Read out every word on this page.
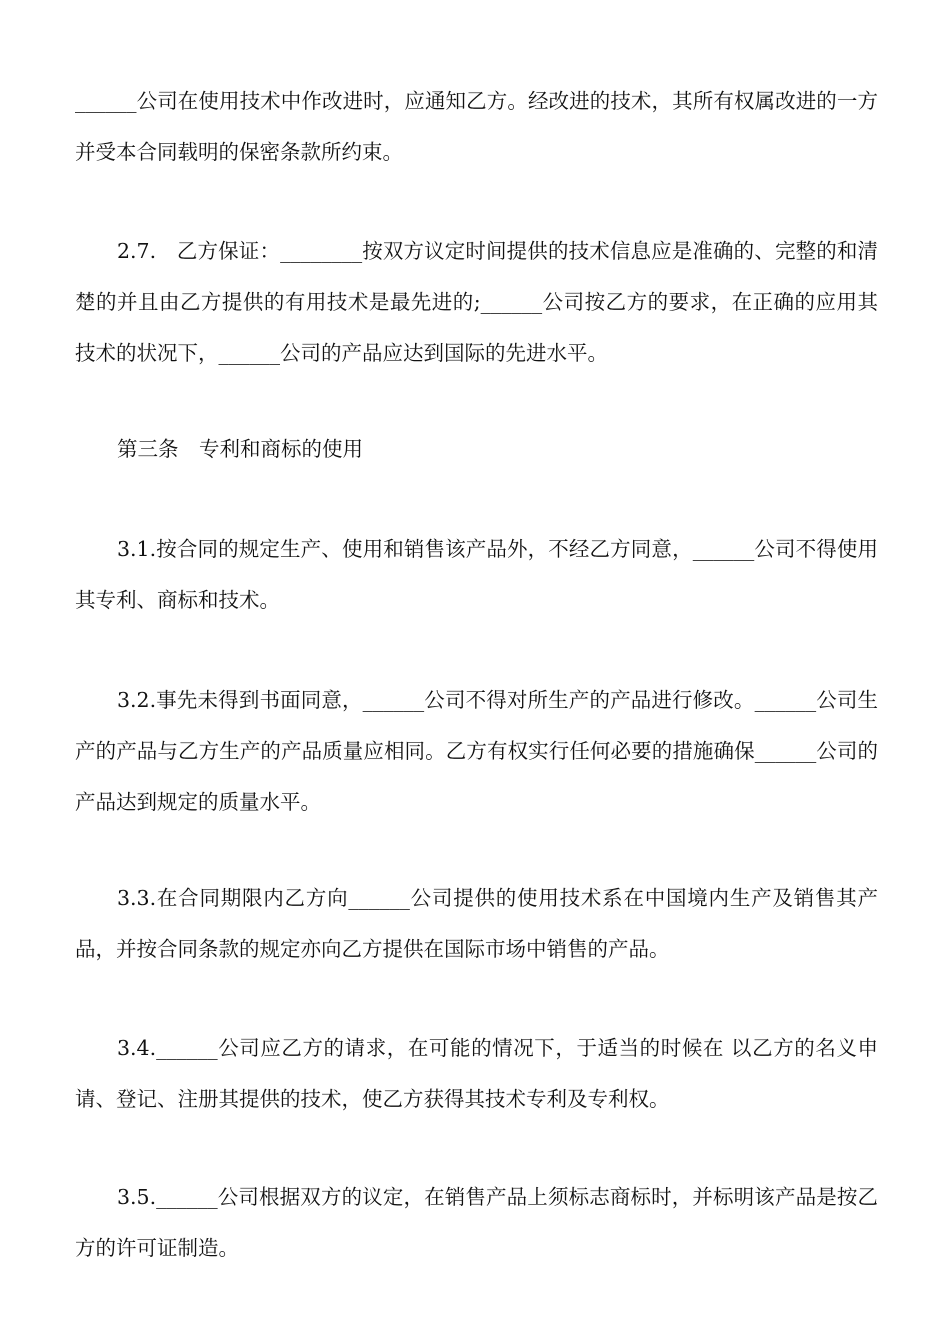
______公司在使用技术中作改进时，应通知乙方。经改进的技术，其所有权属改进的一方并受本合同载明的保密条款所约束。

2.7.　乙方保证：________按双方议定时间提供的技术信息应是准确的、完整的和清楚的并且由乙方提供的有用技术是最先进的;______公司按乙方的要求，在正确的应用其技术的状况下，______公司的产品应达到国际的先进水平。

第三条　专利和商标的使用

3.1.按合同的规定生产、使用和销售该产品外，不经乙方同意，______公司不得使用其专利、商标和技术。

3.2.事先未得到书面同意，______公司不得对所生产的产品进行修改。______公司生产的产品与乙方生产的产品质量应相同。乙方有权实行任何必要的措施确保______公司的产品达到规定的质量水平。

3.3.在合同期限内乙方向______公司提供的使用技术系在中国境内生产及销售其产品，并按合同条款的规定亦向乙方提供在国际市场中销售的产品。

3.4.______公司应乙方的请求，在可能的情况下，于适当的时候在 以乙方的名义申请、登记、注册其提供的技术，使乙方获得其技术专利及专利权。

3.5.______公司根据双方的议定，在销售产品上须标志商标时，并标明该产品是按乙方的许可证制造。
